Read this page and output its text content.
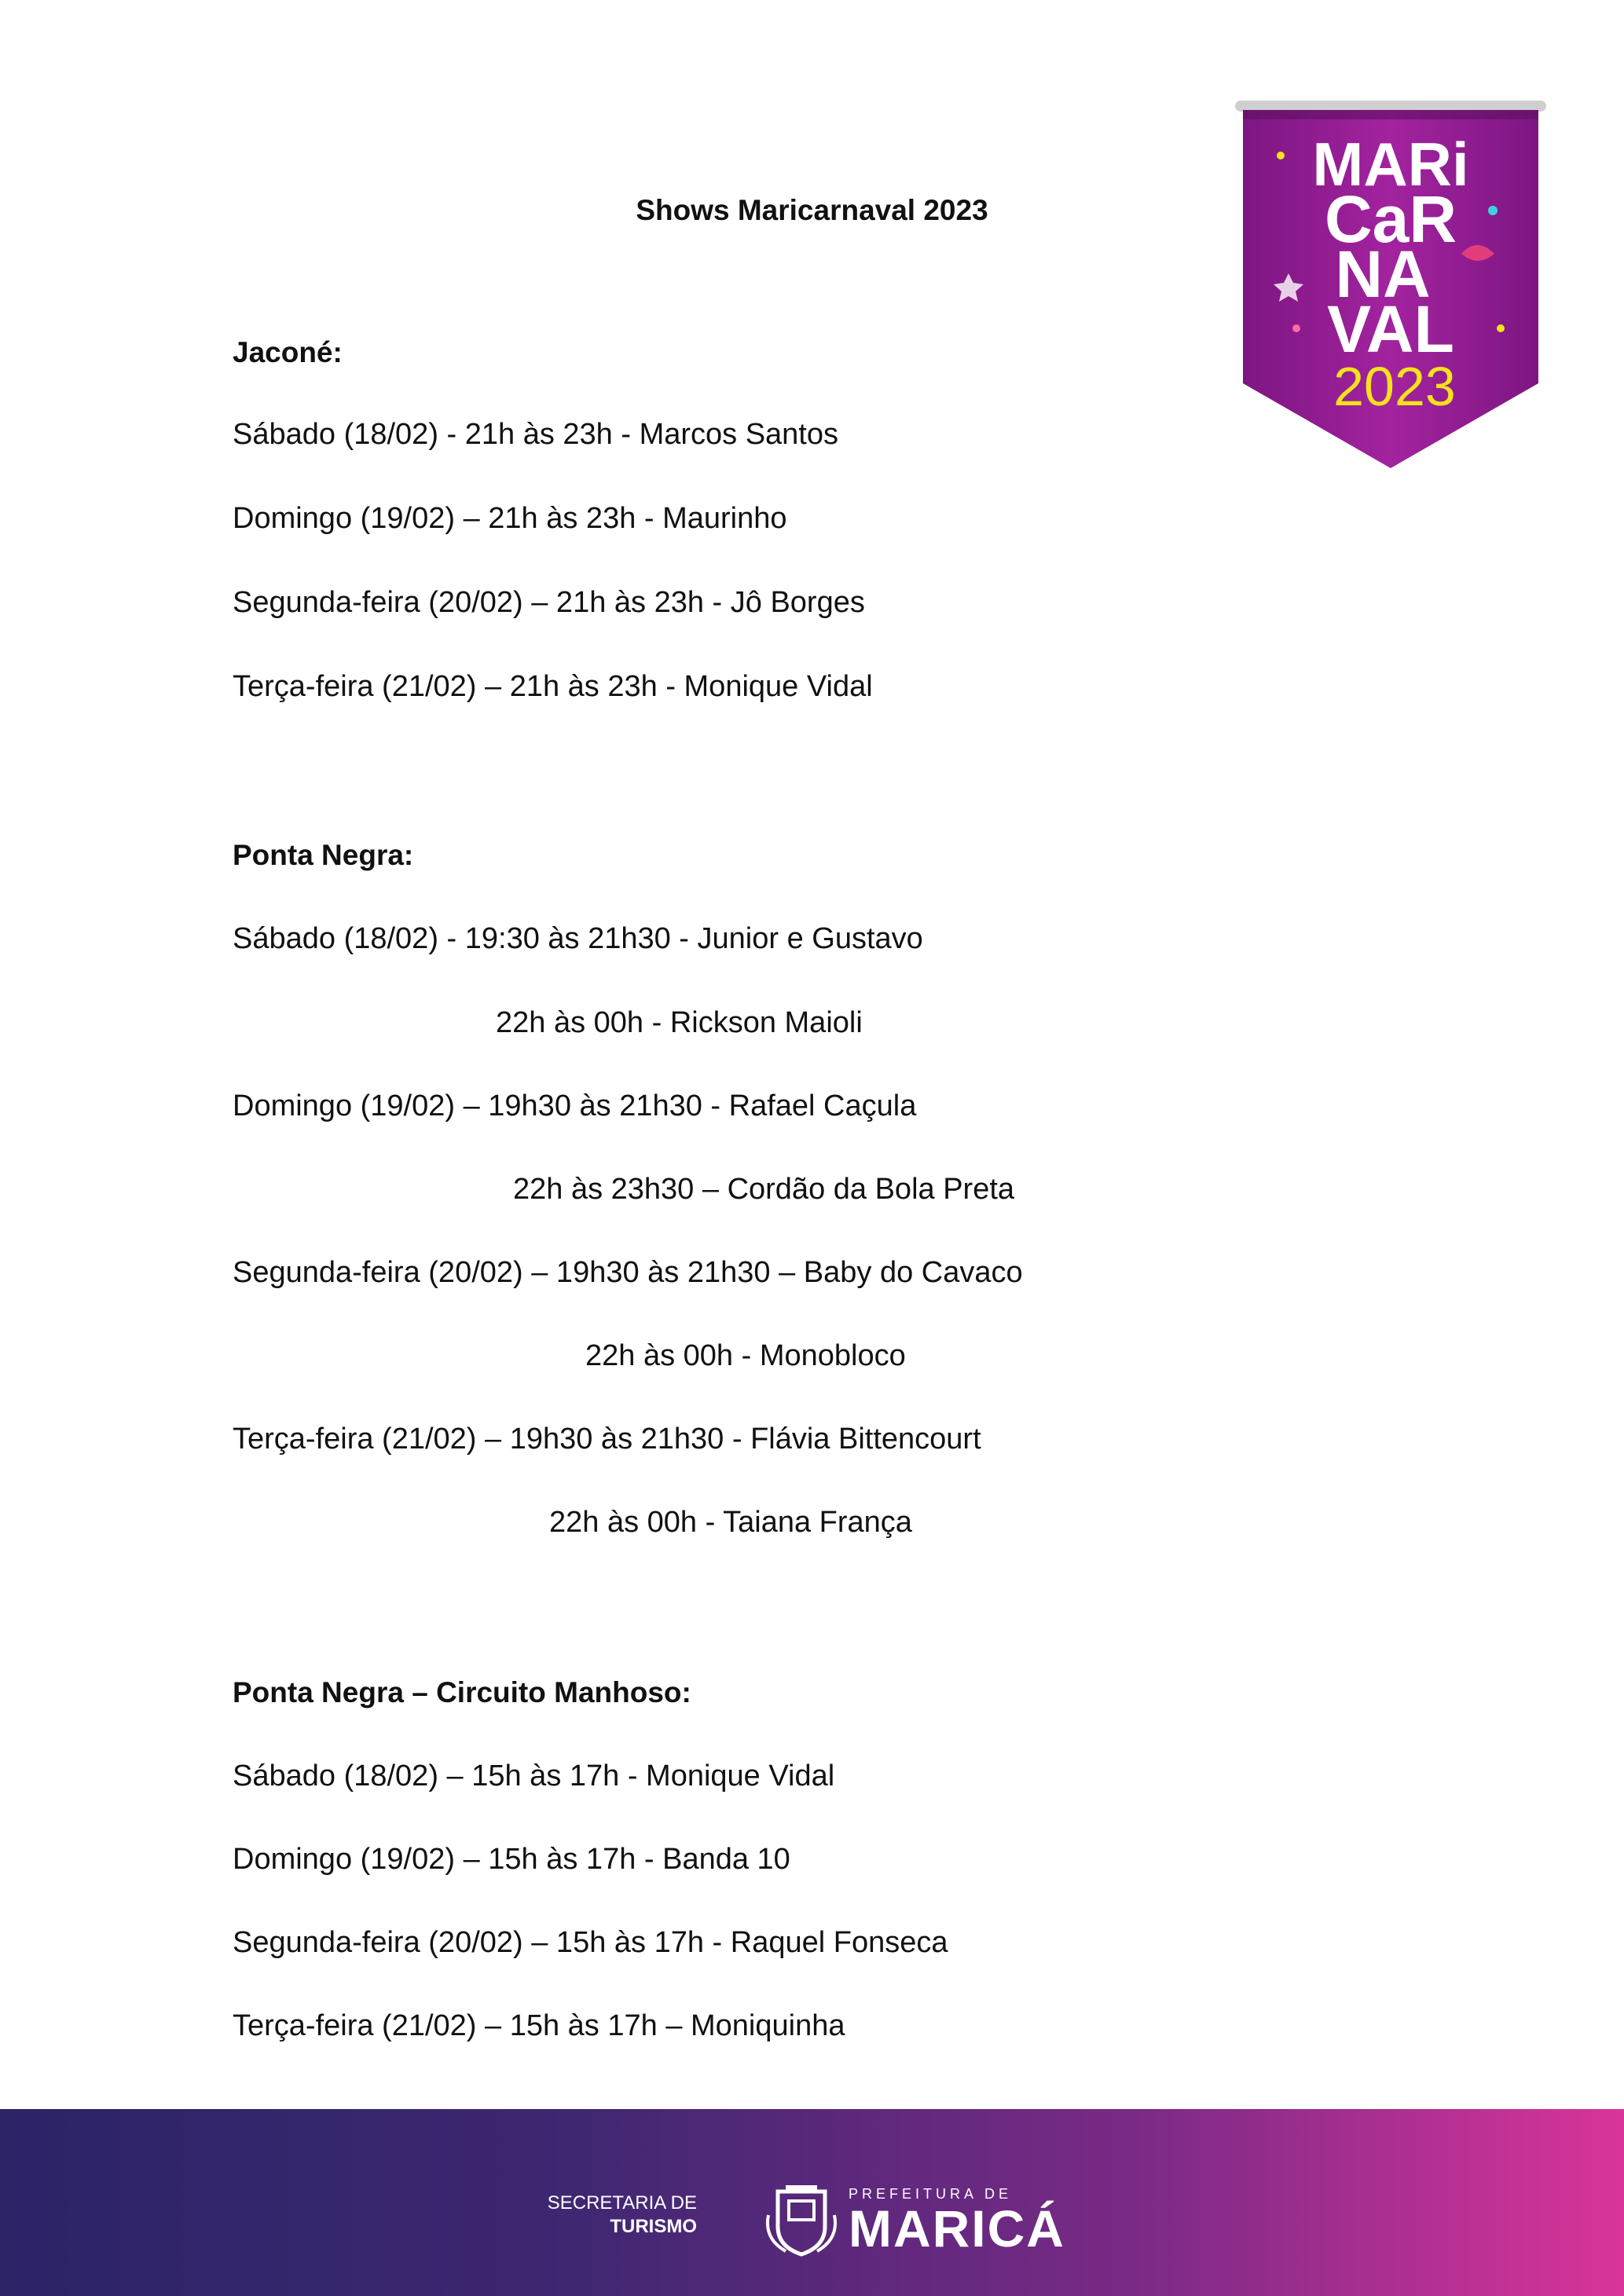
Shows Maricarnaval 2023
MARi
CaR
NA
VAL
2023
Jaconé:
Sábado (18/02) - 21h às 23h - Marcos Santos
Domingo (19/02) – 21h às 23h - Maurinho
Segunda-feira (20/02) – 21h às 23h - Jô Borges
Terça-feira (21/02) – 21h às 23h - Monique Vidal
Ponta Negra:
Sábado (18/02) - 19:30 às 21h30 - Junior e Gustavo
22h às 00h - Rickson Maioli
Domingo (19/02) – 19h30 às 21h30 - Rafael Caçula
22h às 23h30 – Cordão da Bola Preta
Segunda-feira (20/02) – 19h30 às 21h30 – Baby do Cavaco
22h às 00h - Monobloco
Terça-feira (21/02) – 19h30 às 21h30 - Flávia Bittencourt
22h às 00h - Taiana França
Ponta Negra – Circuito Manhoso:
Sábado (18/02) – 15h às 17h - Monique Vidal
Domingo (19/02) – 15h às 17h - Banda 10
Segunda-feira (20/02) – 15h às 17h - Raquel Fonseca
Terça-feira (21/02) – 15h às 17h – Moniquinha
SECRETARIA DE
TURISMO
PREFEITURA DE
MARICÁ
